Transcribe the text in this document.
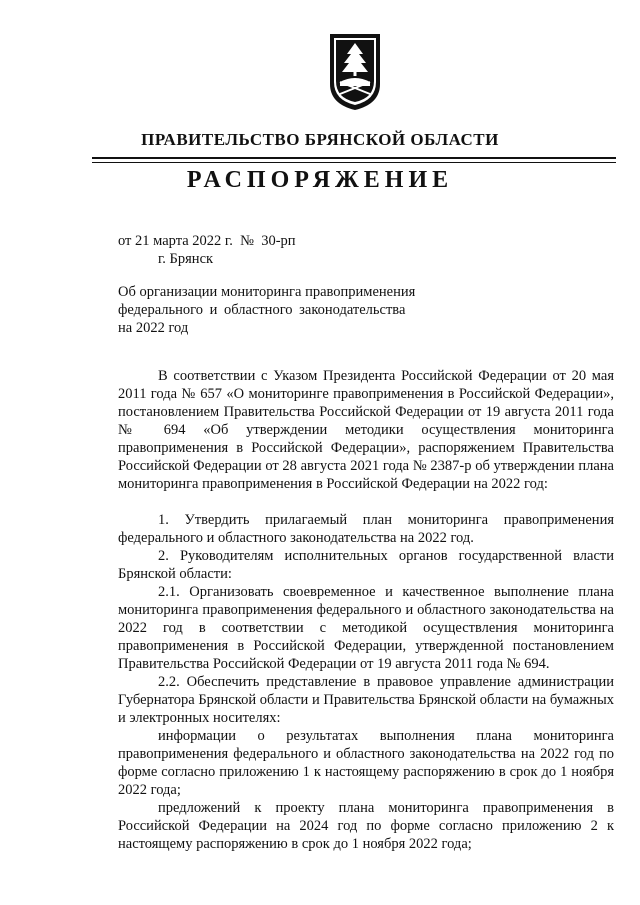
ПРАВИТЕЛЬСТВО БРЯНСКОЙ ОБЛАСТИ
РАСПОРЯЖЕНИЕ
от 21 марта 2022 г.  №  30-рп
г. Брянск
Об организации мониторинга правоприменения
федерального и областного законодательства
на 2022 год

В соответствии с Указом Президента Российской Федерации от 20 мая 2011 года № 657 «О мониторинге правоприменения в Российской Федерации», постановлением Правительства Российской Федерации от 19 августа 2011 года № 694 «Об утверждении методики осуществления мониторинга правоприменения в Российской Федерации», распоряжением Правительства Российской Федерации от 28 августа 2021 года № 2387-р об утверждении плана мониторинга правоприменения в Российской Федерации на 2022 год:

1. Утвердить прилагаемый план мониторинга правоприменения федерального и областного законодательства на 2022 год.

2. Руководителям исполнительных органов государственной власти Брянской области:

2.1. Организовать своевременное и качественное выполнение плана мониторинга правоприменения федерального и областного законодательства на 2022 год в соответствии с методикой осуществления мониторинга правоприменения в Российской Федерации, утвержденной постановлением Правительства Российской Федерации от 19 августа 2011 года № 694.

2.2. Обеспечить представление в правовое управление администрации Губернатора Брянской области и Правительства Брянской области на бумажных и электронных носителях:

информации о результатах выполнения плана мониторинга правоприменения федерального и областного законодательства на 2022 год по форме согласно приложению 1 к настоящему распоряжению в срок до 1 ноября 2022 года;

предложений к проекту плана мониторинга правоприменения в Российской Федерации на 2024 год по форме согласно приложению 2 к настоящему распоряжению в срок до 1 ноября 2022 года;
